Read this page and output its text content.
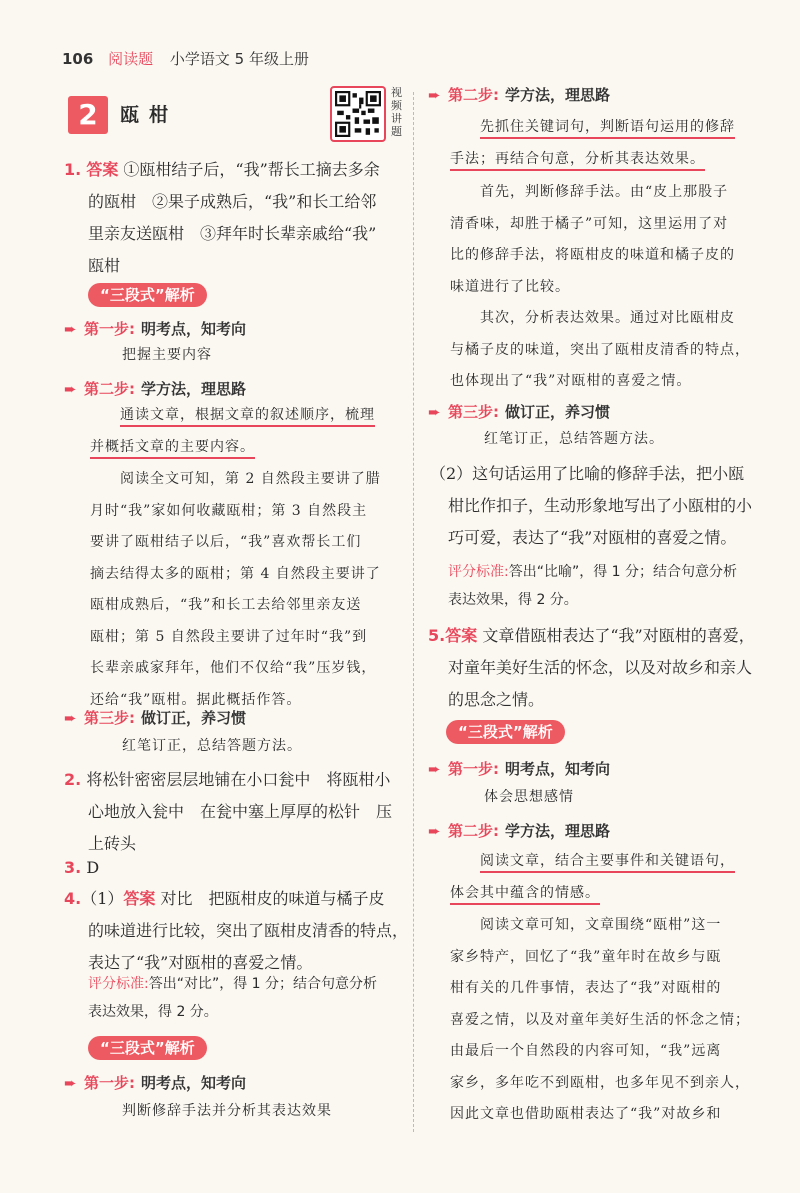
106 阅读题 小学语文 5 年级上册
2	瓯柑
视频讲题
1. 答案 ①瓯柑结子后，“我”帮长工摘去多余
的瓯柑　②果子成熟后，“我”和长工给邻
里亲友送瓯柑　③拜年时长辈亲戚给“我”
瓯柑
“三段式”解析
➨ 第一步: 明考点，知考向
把握主要内容
➨ 第二步: 学方法，理思路
通读文章，根据文章的叙述顺序，梳理
并概括文章的主要内容。
阅读全文可知，第 2 自然段主要讲了腊
月时“我”家如何收藏瓯柑；第 3 自然段主
要讲了瓯柑结子以后，“我”喜欢帮长工们
摘去结得太多的瓯柑；第 4 自然段主要讲了
瓯柑成熟后，“我”和长工去给邻里亲友送
瓯柑；第 5 自然段主要讲了过年时“我”到
长辈亲戚家拜年，他们不仅给“我”压岁钱，
还给“我”瓯柑。据此概括作答。
➨ 第三步: 做订正，养习惯
红笔订正，总结答题方法。
2. 将松针密密层层地铺在小口瓮中　将瓯柑小
心地放入瓮中　在瓮中塞上厚厚的松针　压
上砖头
3. D
4.（1）答案 对比　把瓯柑皮的味道与橘子皮
的味道进行比较，突出了瓯柑皮清香的特点，
表达了“我”对瓯柑的喜爱之情。
评分标准:答出“对比”，得 1 分；结合句意分析
表达效果，得 2 分。
“三段式”解析
➨ 第一步: 明考点，知考向
判断修辞手法并分析其表达效果
➨ 第二步: 学方法，理思路
先抓住关键词句，判断语句运用的修辞
手法；再结合句意，分析其表达效果。
首先，判断修辞手法。由“皮上那股子
清香味，却胜于橘子”可知，这里运用了对
比的修辞手法，将瓯柑皮的味道和橘子皮的
味道进行了比较。
其次，分析表达效果。通过对比瓯柑皮
与橘子皮的味道，突出了瓯柑皮清香的特点，
也体现出了“我”对瓯柑的喜爱之情。
➨ 第三步: 做订正，养习惯
红笔订正，总结答题方法。
（2）这句话运用了比喻的修辞手法，把小瓯
柑比作扣子，生动形象地写出了小瓯柑的小
巧可爱，表达了“我”对瓯柑的喜爱之情。
评分标准:答出“比喻”，得 1 分；结合句意分析
表达效果，得 2 分。
5.答案 文章借瓯柑表达了“我”对瓯柑的喜爱，
对童年美好生活的怀念，以及对故乡和亲人
的思念之情。
“三段式”解析
➨ 第一步: 明考点，知考向
体会思想感情
➨ 第二步: 学方法，理思路
阅读文章，结合主要事件和关键语句，
体会其中蕴含的情感。
阅读文章可知，文章围绕“瓯柑”这一
家乡特产，回忆了“我”童年时在故乡与瓯
柑有关的几件事情，表达了“我”对瓯柑的
喜爱之情，以及对童年美好生活的怀念之情；
由最后一个自然段的内容可知，“我”远离
家乡，多年吃不到瓯柑，也多年见不到亲人，
因此文章也借助瓯柑表达了“我”对故乡和
